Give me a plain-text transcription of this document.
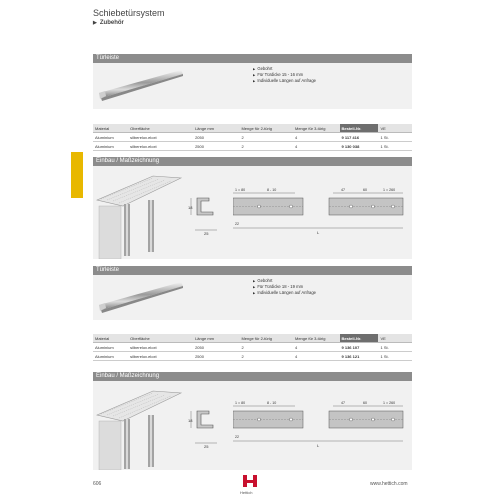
Schiebetürsystem
▶ Zubehör
Türleiste
▶ Gebohrt
▶ Für Türdicke 15 - 16 mm
▶ Individuelle Längen auf Anfrage
Material	Oberfläche	Länge mm	Menge für 2-türig	Menge für 3-türig	Bestell-Nr.	VE
Aluminium	silberelox.eloxt	2050	2	4	9 117 416	1 St.
Aluminium	silberelox.eloxt	2500	2	4	9 130 038	1 St.
Einbau / Maßzeichnung
18
25
1 = 80	8 - 10	47	60	1 = 260
L
22
Türleiste
▶ Gebohrt
▶ Für Türdicke 18 - 19 mm
▶ Individuelle Längen auf Anfrage
Material	Oberfläche	Länge mm	Menge für 2-türig	Menge für 3-türig	Bestell-Nr.	VE
Aluminium	silberelox.eloxt	2050	2	4	9 136 107	1 St.
Aluminium	silberelox.eloxt	2500	2	4	9 136 121	1 St.
Einbau / Maßzeichnung
18
25
1 = 80	8 - 10	47	60	1 = 260
L
22
606
Hettich
www.hettich.com
